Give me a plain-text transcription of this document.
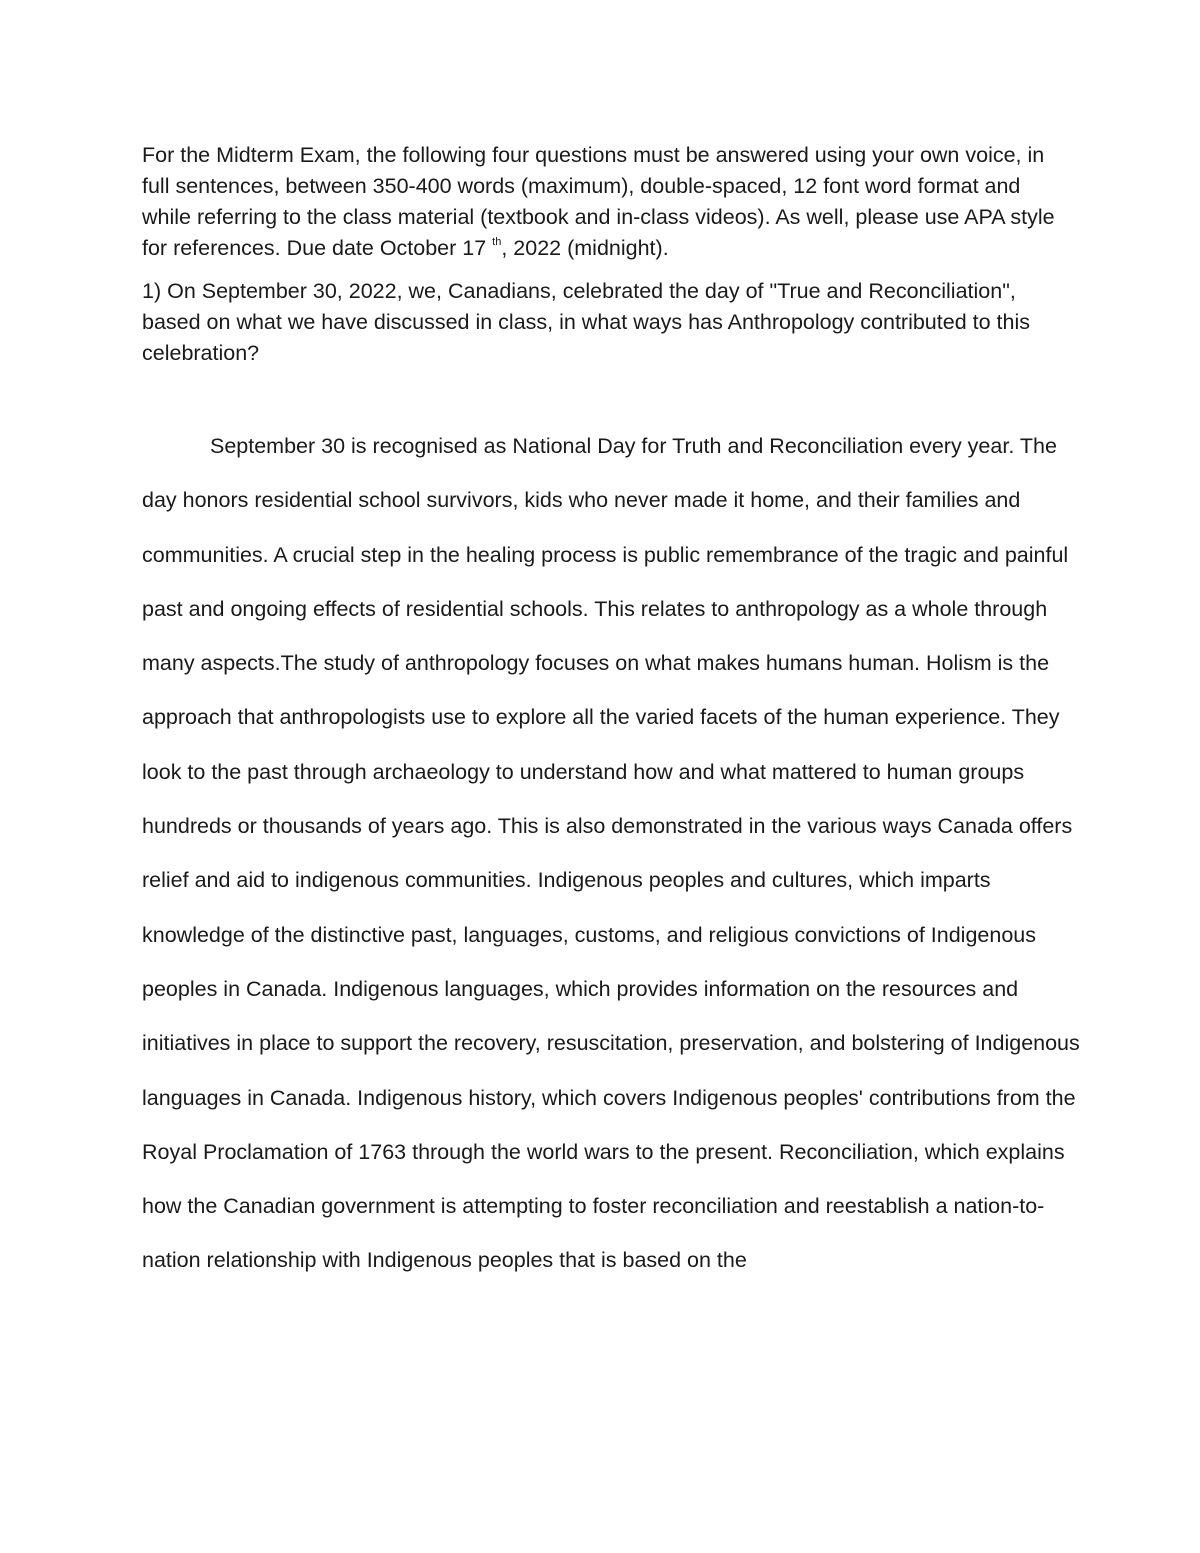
For the Midterm Exam, the following four questions must be answered using your own voice, in full sentences, between 350-400 words (maximum), double-spaced, 12 font word format and while referring to the class material (textbook and in-class videos). As well, please use APA style for references. Due date October 17 $^{th}$, 2022 (midnight).

1) On September 30, 2022, we, Canadians, celebrated the day of "True and Reconciliation", based on what we have discussed in class, in what ways has Anthropology contributed to this celebration?

September 30 is recognised as National Day for Truth and Reconciliation every year. The day honors residential school survivors, kids who never made it home, and their families and communities. A crucial step in the healing process is public remembrance of the tragic and painful past and ongoing effects of residential schools. This relates to anthropology as a whole through many aspects.The study of anthropology focuses on what makes humans human. Holism is the approach that anthropologists use to explore all the varied facets of the human experience. They look to the past through archaeology to understand how and what mattered to human groups hundreds or thousands of years ago. This is also demonstrated in the various ways Canada offers relief and aid to indigenous communities. Indigenous peoples and cultures, which imparts knowledge of the distinctive past, languages, customs, and religious convictions of Indigenous peoples in Canada. Indigenous languages, which provides information on the resources and initiatives in place to support the recovery, resuscitation, preservation, and bolstering of Indigenous languages in Canada. Indigenous history, which covers Indigenous peoples' contributions from the Royal Proclamation of 1763 through the world wars to the present. Reconciliation, which explains how the Canadian government is attempting to foster reconciliation and reestablish a nation-to-nation relationship with Indigenous peoples that is based on the
